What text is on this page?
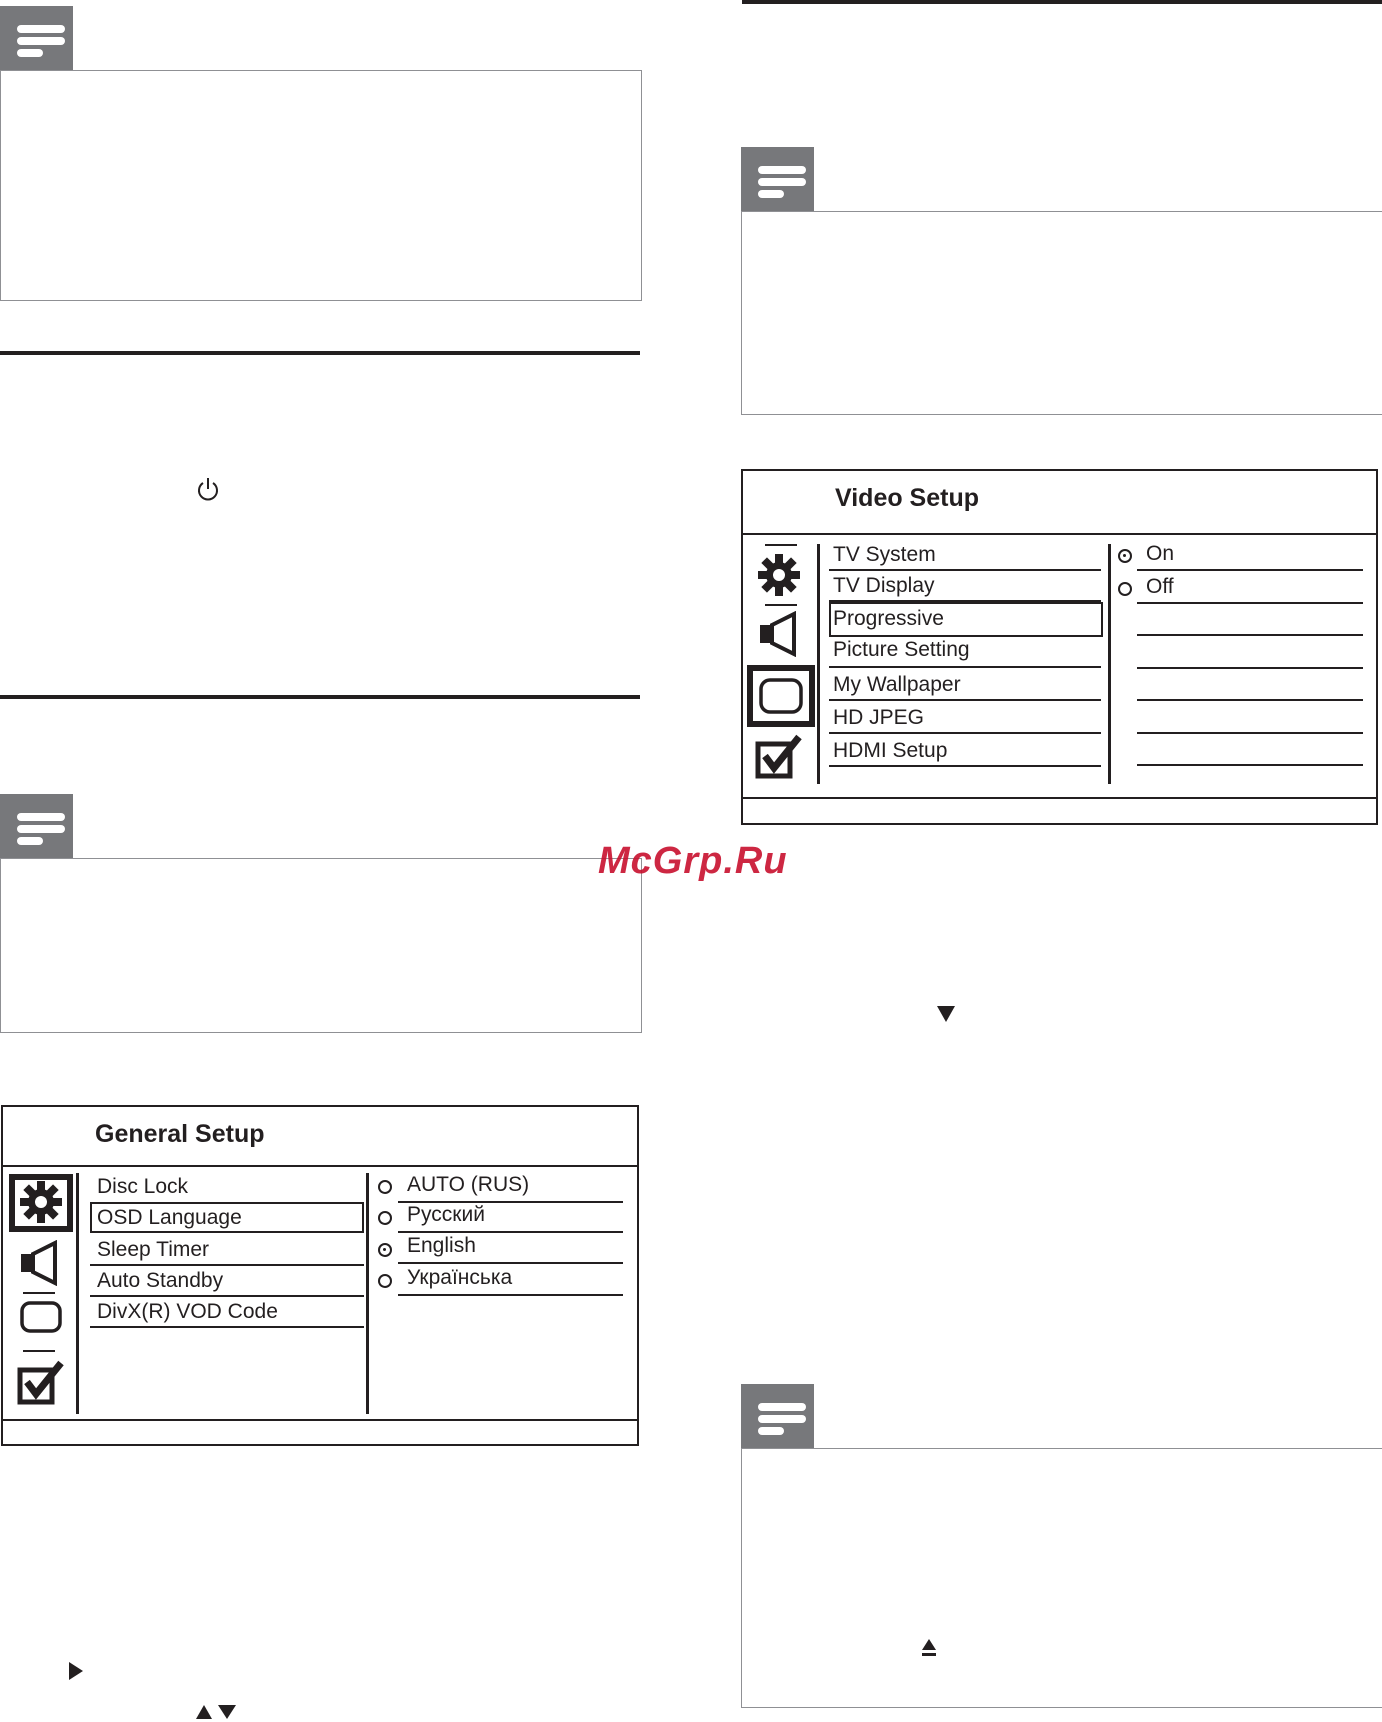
General Setup
Disc Lock
OSD Language
Sleep Timer
Auto Standby
DivX(R) VOD Code
AUTO (RUS)
Русский
English
Українська
Video Setup
TV System
TV Display
Progressive
Picture Setting
My Wallpaper
HD JPEG
HDMI Setup
On
Off
McGrp.Ru
